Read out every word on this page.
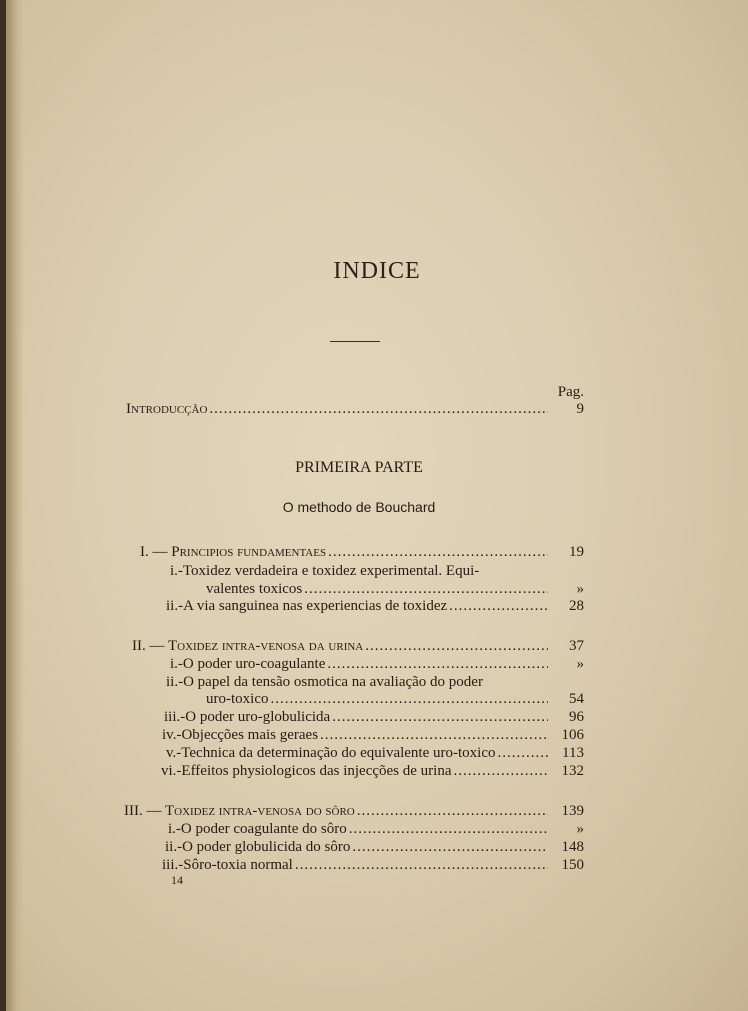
INDICE
Pag.
Introducção .....	9
PRIMEIRA PARTE
O methodo de Bouchard
I. — Principios fundamentaes .....	19
i.-Toxidez verdadeira e toxidez experimental. Equi-
valentes toxicos .....	»
ii.-A via sanguinea nas experiencias de toxidez .....	28
II. — Toxidez intra-venosa da urina .....	37
i.-O poder uro-coagulante .....	»
ii.-O papel da tensão osmotica na avaliação do poder
uro-toxico .....	54
iii.-O poder uro-globulicida .....	96
iv.-Objecções mais geraes .....	106
v.-Technica da determinação do equivalente uro-toxico .....	113
vi.-Effeitos physiologicos das injecções de urina .....	132
III. — Toxidez intra-venosa do sôro .....	139
i.-O poder coagulante do sôro .....	»
ii.-O poder globulicida do sôro .....	148
iii.-Sôro-toxia normal .....	150
14
